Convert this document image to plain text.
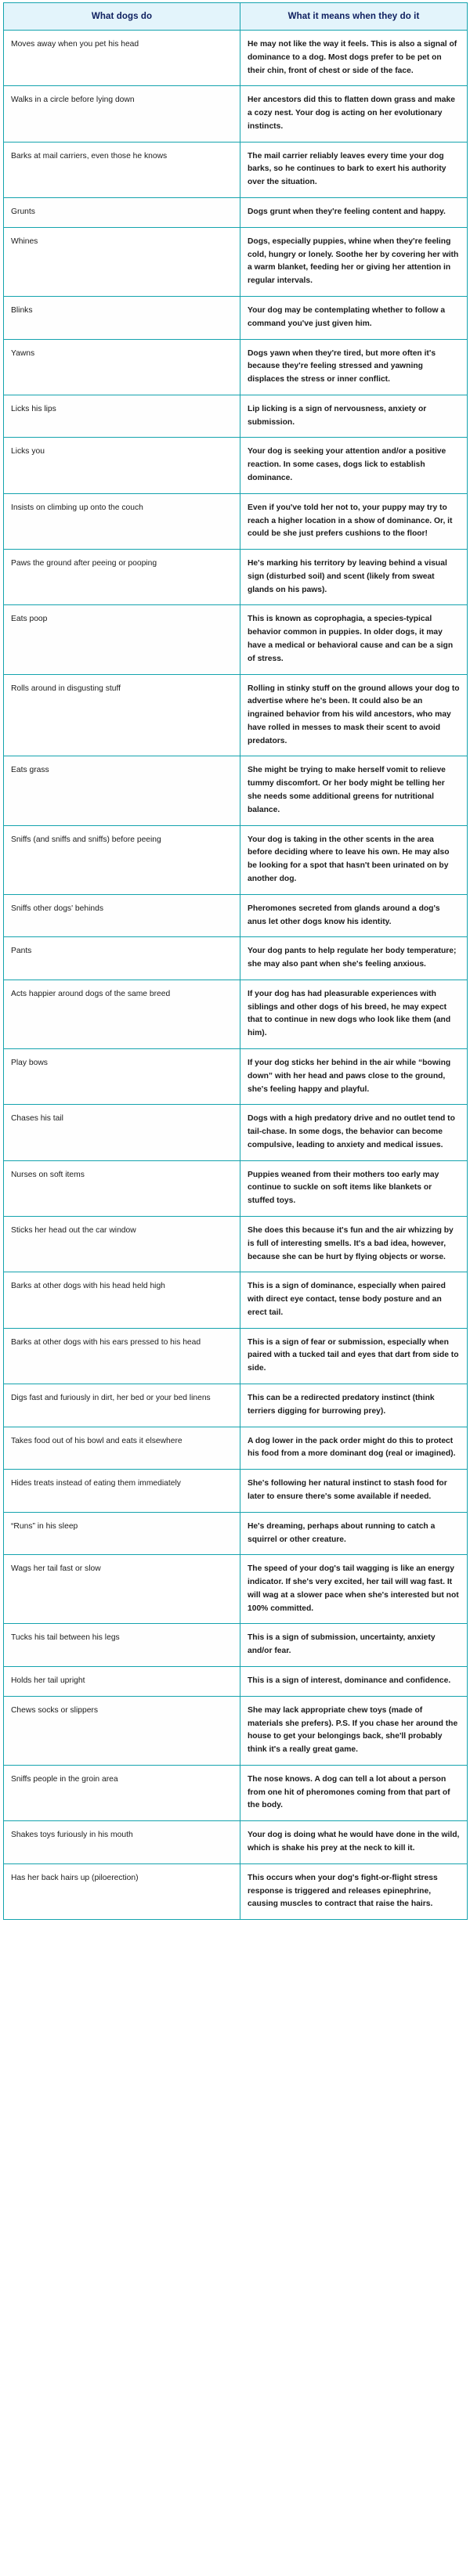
What dogs do	What it means when they do it
Moves away when you pet his head	He may not like the way it feels. This is also a signal of dominance to a dog. Most dogs prefer to be pet on their chin, front of chest or side of the face.
Walks in a circle before lying down	Her ancestors did this to flatten down grass and make a cozy nest. Your dog is acting on her evolutionary instincts.
Barks at mail carriers, even those he knows	The mail carrier reliably leaves every time your dog barks, so he continues to bark to exert his authority over the situation.
Grunts	Dogs grunt when they're feeling content and happy.
Whines	Dogs, especially puppies, whine when they're feeling cold, hungry or lonely. Soothe her by covering her with a warm blanket, feeding her or giving her attention in regular intervals.
Blinks	Your dog may be contemplating whether to follow a command you've just given him.
Yawns	Dogs yawn when they're tired, but more often it's because they're feeling stressed and yawning displaces the stress or inner conflict.
Licks his lips	Lip licking is a sign of nervousness, anxiety or submission.
Licks you	Your dog is seeking your attention and/or a positive reaction. In some cases, dogs lick to establish dominance.
Insists on climbing up onto the couch	Even if you've told her not to, your puppy may try to reach a higher location in a show of dominance. Or, it could be she just prefers cushions to the floor!
Paws the ground after peeing or pooping	He's marking his territory by leaving behind a visual sign (disturbed soil) and scent (likely from sweat glands on his paws).
Eats poop	This is known as coprophagia, a species-typical behavior common in puppies. In older dogs, it may have a medical or behavioral cause and can be a sign of stress.
Rolls around in disgusting stuff	Rolling in stinky stuff on the ground allows your dog to advertise where he's been. It could also be an ingrained behavior from his wild ancestors, who may have rolled in messes to mask their scent to avoid predators.
Eats grass	She might be trying to make herself vomit to relieve tummy discomfort. Or her body might be telling her she needs some additional greens for nutritional balance.
Sniffs (and sniffs and sniffs) before peeing	Your dog is taking in the other scents in the area before deciding where to leave his own. He may also be looking for a spot that hasn't been urinated on by another dog.
Sniffs other dogs' behinds	Pheromones secreted from glands around a dog's anus let other dogs know his identity.
Pants	Your dog pants to help regulate her body temperature; she may also pant when she's feeling anxious.
Acts happier around dogs of the same breed	If your dog has had pleasurable experiences with siblings and other dogs of his breed, he may expect that to continue in new dogs who look like them (and him).
Play bows	If your dog sticks her behind in the air while “bowing down” with her head and paws close to the ground, she's feeling happy and playful.
Chases his tail	Dogs with a high predatory drive and no outlet tend to tail-chase. In some dogs, the behavior can become compulsive, leading to anxiety and medical issues.
Nurses on soft items	Puppies weaned from their mothers too early may continue to suckle on soft items like blankets or stuffed toys.
Sticks her head out the car window	She does this because it's fun and the air whizzing by is full of interesting smells. It's a bad idea, however, because she can be hurt by flying objects or worse.
Barks at other dogs with his head held high	This is a sign of dominance, especially when paired with direct eye contact, tense body posture and an erect tail.
Barks at other dogs with his ears pressed to his head	This is a sign of fear or submission, especially when paired with a tucked tail and eyes that dart from side to side.
Digs fast and furiously in dirt, her bed or your bed linens	This can be a redirected predatory instinct (think terriers digging for burrowing prey).
Takes food out of his bowl and eats it elsewhere	A dog lower in the pack order might do this to protect his food from a more dominant dog (real or imagined).
Hides treats instead of eating them immediately	She's following her natural instinct to stash food for later to ensure there's some available if needed.
“Runs” in his sleep	He's dreaming, perhaps about running to catch a squirrel or other creature.
Wags her tail fast or slow	The speed of your dog's tail wagging is like an energy indicator. If she's very excited, her tail will wag fast. It will wag at a slower pace when she's interested but not 100% committed.
Tucks his tail between his legs	This is a sign of submission, uncertainty, anxiety and/or fear.
Holds her tail upright	This is a sign of interest, dominance and confidence.
Chews socks or slippers	She may lack appropriate chew toys (made of materials she prefers). P.S. If you chase her around the house to get your belongings back, she'll probably think it's a really great game.
Sniffs people in the groin area	The nose knows. A dog can tell a lot about a person from one hit of pheromones coming from that part of the body.
Shakes toys furiously in his mouth	Your dog is doing what he would have done in the wild, which is shake his prey at the neck to kill it.
Has her back hairs up (piloerection)	This occurs when your dog's fight-or-flight stress response is triggered and releases epinephrine, causing muscles to contract that raise the hairs.
